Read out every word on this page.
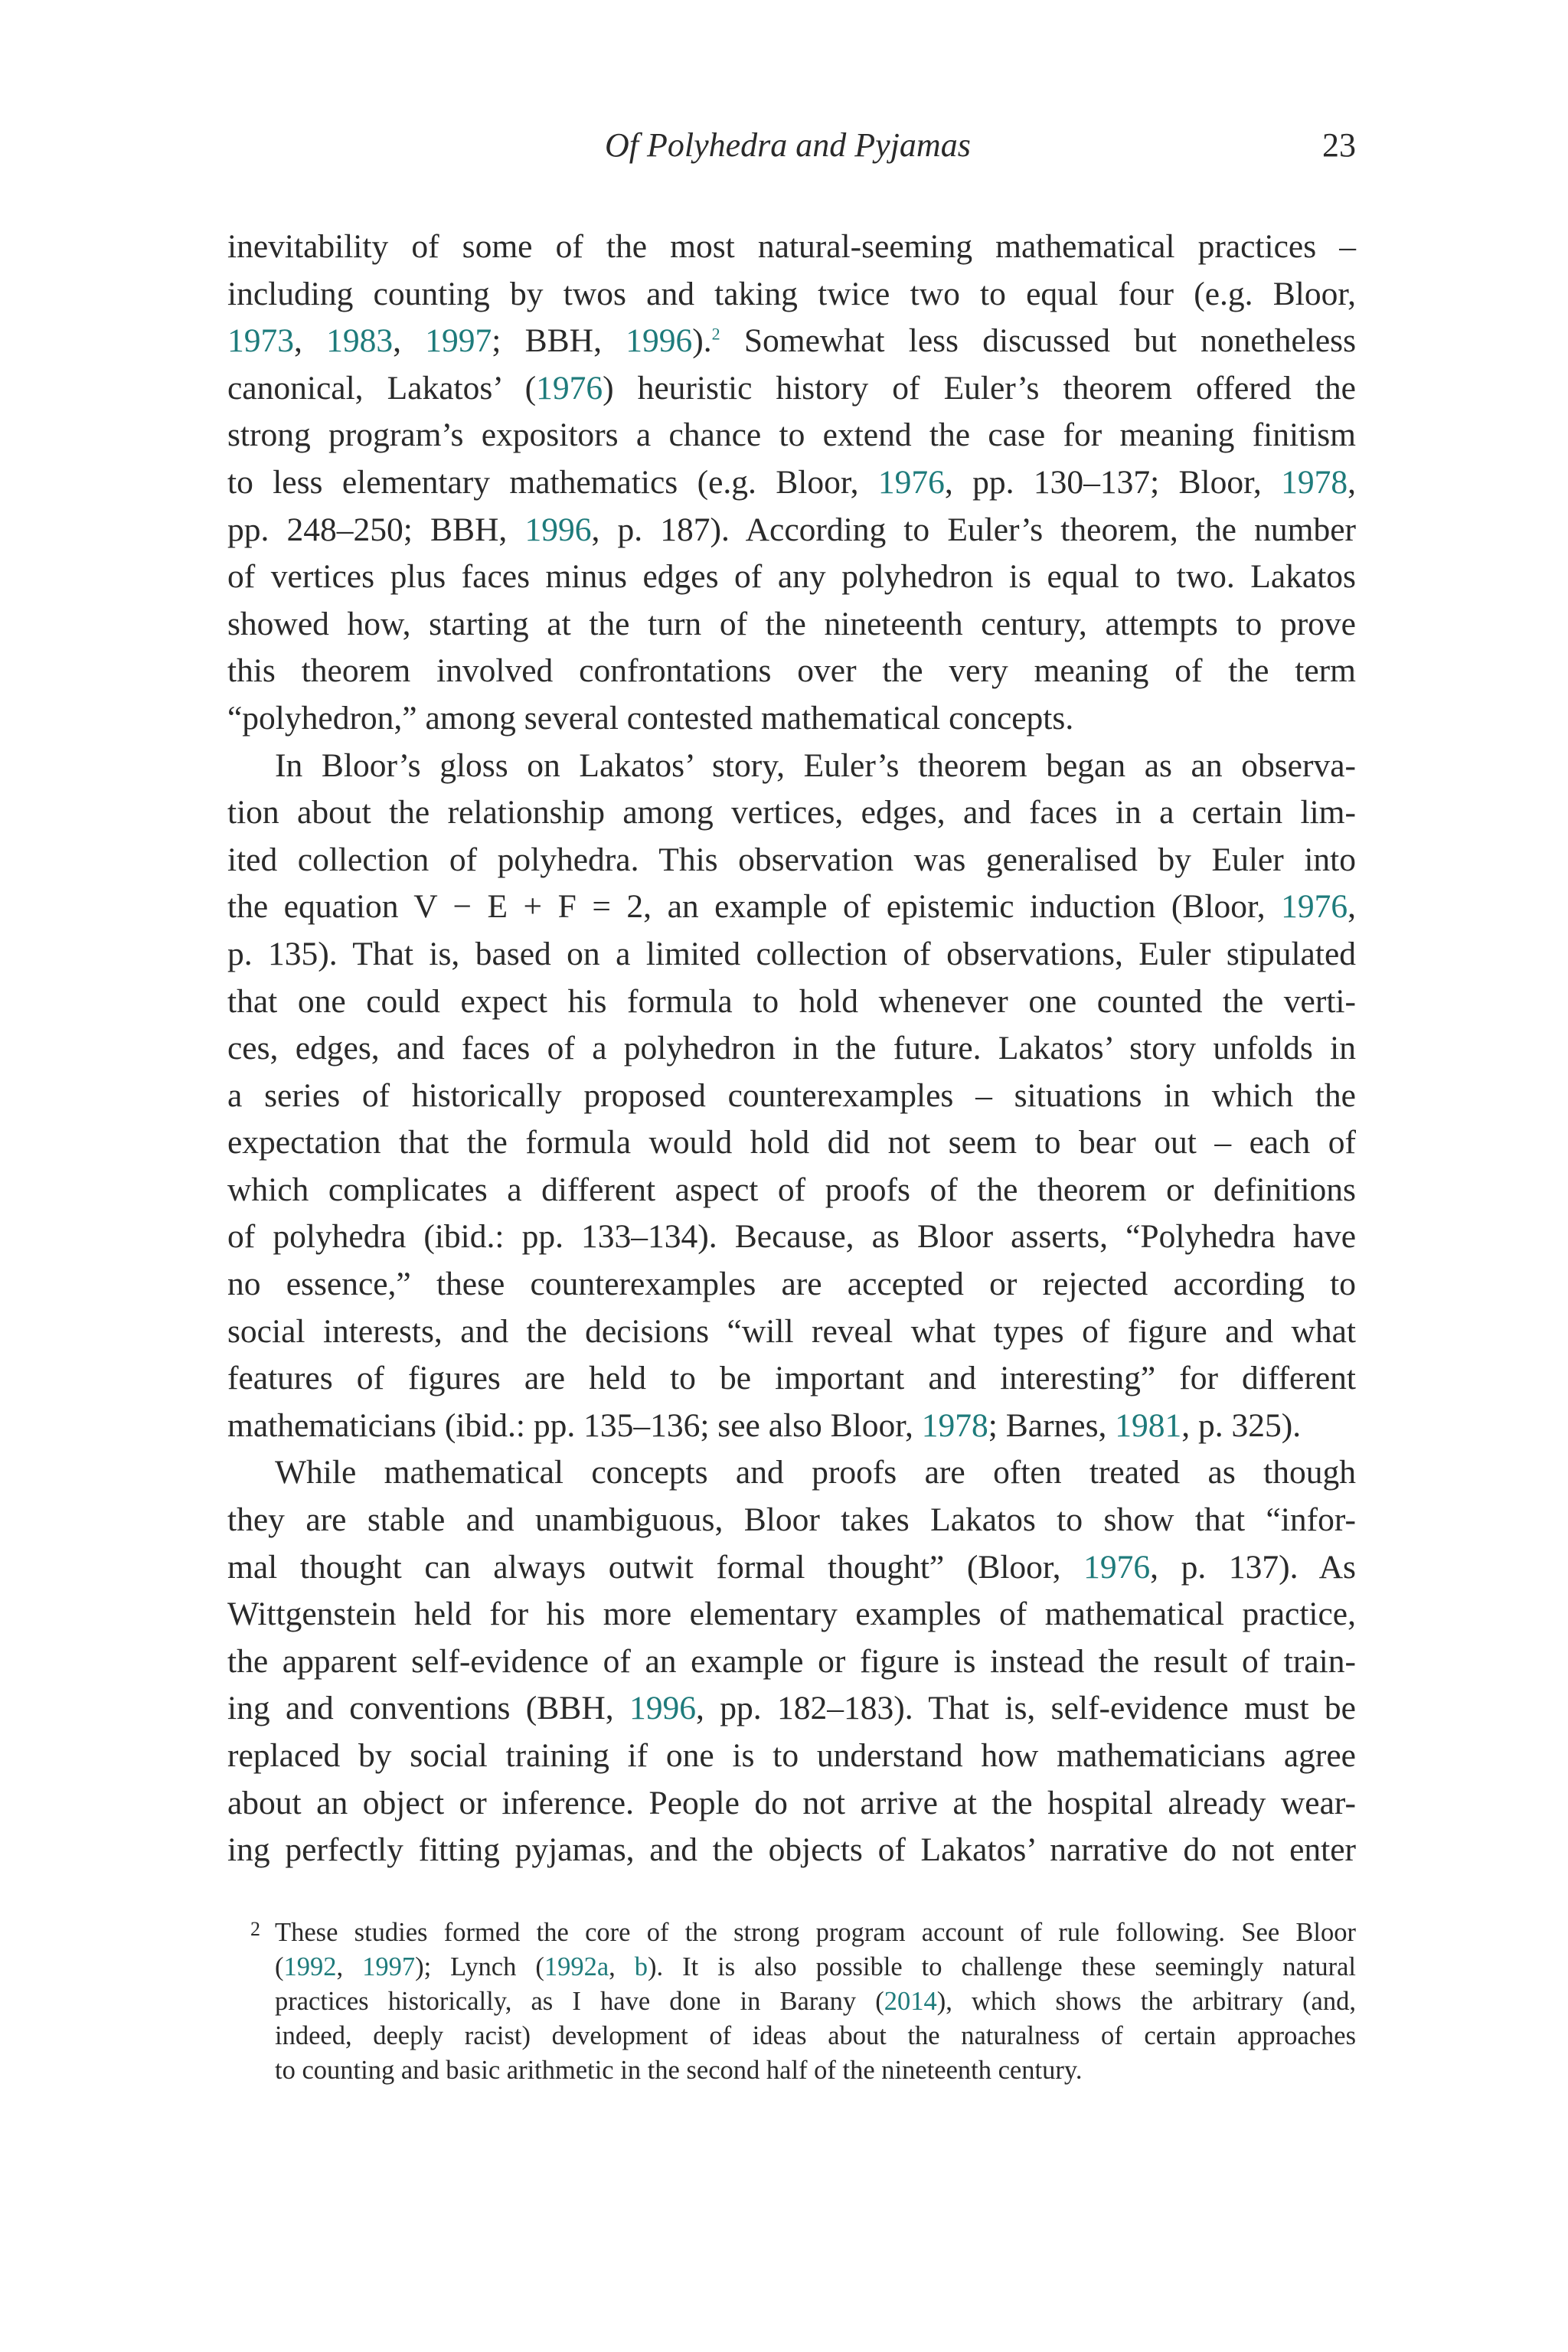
Of Polyhedra and Pyjamas	23
inevitability of some of the most natural-seeming mathematical practices –
including counting by twos and taking twice two to equal four (e.g. Bloor,
1973, 1983, 1997; BBH, 1996).$^2$ Somewhat less discussed but nonetheless
canonical, Lakatos’ (1976) heuristic history of Euler’s theorem offered the
strong program’s expositors a chance to extend the case for meaning finitism
to less elementary mathematics (e.g. Bloor, 1976, pp. 130–137; Bloor, 1978,
pp. 248–250; BBH, 1996, p. 187). According to Euler’s theorem, the number
of vertices plus faces minus edges of any polyhedron is equal to two. Lakatos
showed how, starting at the turn of the nineteenth century, attempts to prove
this theorem involved confrontations over the very meaning of the term
“polyhedron,” among several contested mathematical concepts.
In Bloor’s gloss on Lakatos’ story, Euler’s theorem began as an observa-
tion about the relationship among vertices, edges, and faces in a certain lim-
ited collection of polyhedra. This observation was generalised by Euler into
the equation V − E + F = 2, an example of epistemic induction (Bloor, 1976,
p. 135). That is, based on a limited collection of observations, Euler stipulated
that one could expect his formula to hold whenever one counted the verti-
ces, edges, and faces of a polyhedron in the future. Lakatos’ story unfolds in
a series of historically proposed counterexamples – situations in which the
expectation that the formula would hold did not seem to bear out – each of
which complicates a different aspect of proofs of the theorem or definitions
of polyhedra (ibid.: pp. 133–134). Because, as Bloor asserts, “Polyhedra have
no essence,” these counterexamples are accepted or rejected according to
social interests, and the decisions “will reveal what types of figure and what
features of figures are held to be important and interesting” for different
mathematicians (ibid.: pp. 135–136; see also Bloor, 1978; Barnes, 1981, p. 325).
While mathematical concepts and proofs are often treated as though
they are stable and unambiguous, Bloor takes Lakatos to show that “infor-
mal thought can always outwit formal thought” (Bloor, 1976, p. 137). As
Wittgenstein held for his more elementary examples of mathematical practice,
the apparent self-evidence of an example or figure is instead the result of train-
ing and conventions (BBH, 1996, pp. 182–183). That is, self-evidence must be
replaced by social training if one is to understand how mathematicians agree
about an object or inference. People do not arrive at the hospital already wear-
ing perfectly fitting pyjamas, and the objects of Lakatos’ narrative do not enter
2 These studies formed the core of the strong program account of rule following. See Bloor
(1992, 1997); Lynch (1992a, b). It is also possible to challenge these seemingly natural
practices historically, as I have done in Barany (2014), which shows the arbitrary (and,
indeed, deeply racist) development of ideas about the naturalness of certain approaches
to counting and basic arithmetic in the second half of the nineteenth century.
